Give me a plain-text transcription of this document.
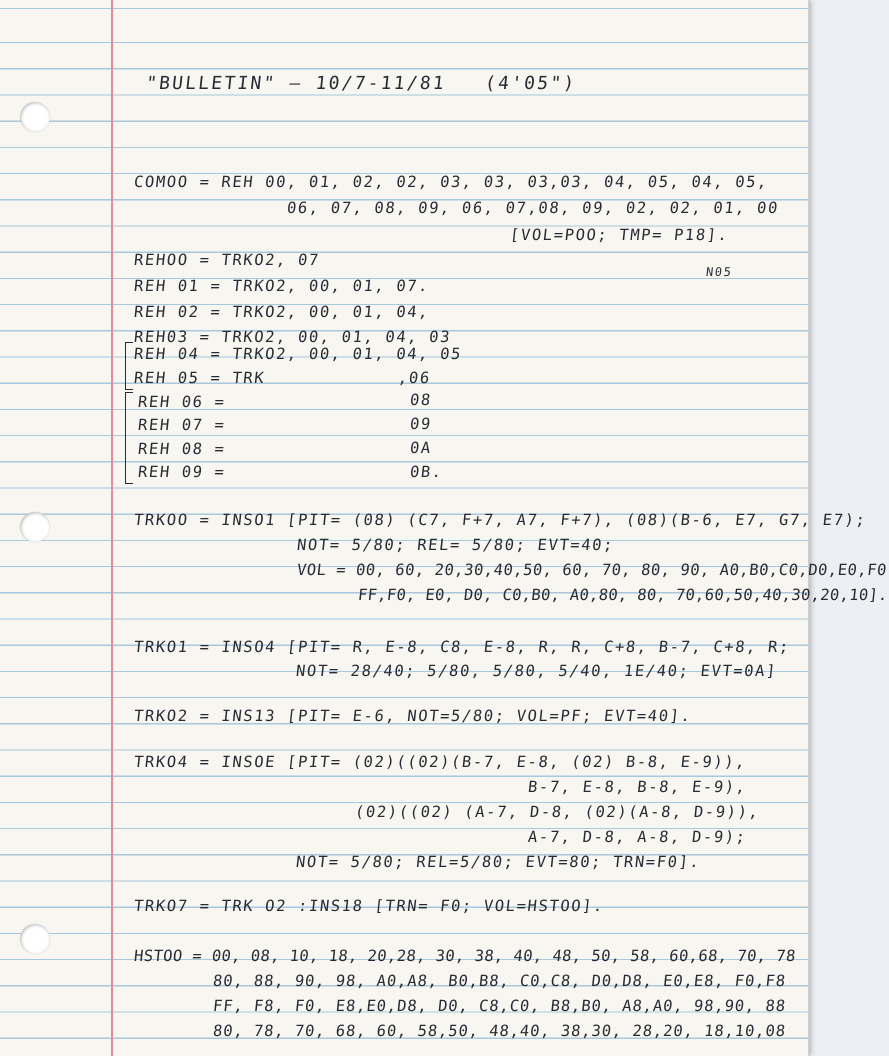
"BULLETIN" — 10/7-11/81   (4'05")
COMOO = REH 00, 01, 02, 02, 03, 03, 03,03, 04, 05, 04, 05,
06, 07, 08, 09, 06, 07,08, 09, 02, 02, 01, 00
[VOL=POO; TMP= P18].
N05
REHOO = TRKO2, 07
REH 01 = TRKO2, 00, 01, 07.
REH 02 = TRKO2, 00, 01, 04,
REH03 = TRKO2, 00, 01, 04, 03
REH 04 = TRKO2, 00, 01, 04, 05
REH 05 = TRK
REH 06 =
REH 07 =
REH 08 =
REH 09 =
,06
08
09
0A
0B.
TRKOO = INSO1 [PIT= (08) (C7, F+7, A7, F+7), (08)(B-6, E7, G7, E7);
NOT= 5/80; REL= 5/80; EVT=40;
VOL = 00, 60, 20,30,40,50, 60, 70, 80, 90, A0,B0,C0,D0,E0,F0
FF,F0, E0, D0, C0,B0, A0,80, 80, 70,60,50,40,30,20,10].
TRKO1 = INSO4 [PIT= R, E-8, C8, E-8, R, R, C+8, B-7, C+8, R;
NOT= 28/40; 5/80, 5/80, 5/40, 1E/40; EVT=0A]
TRKO2 = INS13 [PIT= E-6, NOT=5/80; VOL=PF; EVT=40].
TRKO4 = INSOE [PIT= (02)((02)(B-7, E-8, (02) B-8, E-9)),
B-7, E-8, B-8, E-9),
(02)((02) (A-7, D-8, (02)(A-8, D-9)),
A-7, D-8, A-8, D-9);
NOT= 5/80; REL=5/80; EVT=80; TRN=F0].
TRKO7 = TRK O2 :INS18 [TRN= F0; VOL=HSTOO].
HSTOO = 00, 08, 10, 18, 20,28, 30, 38, 40, 48, 50, 58, 60,68, 70, 78
80, 88, 90, 98, A0,A8, B0,B8, C0,C8, D0,D8, E0,E8, F0,F8
FF, F8, F0, E8,E0,D8, D0, C8,C0, B8,B0, A8,A0, 98,90, 88
80, 78, 70, 68, 60, 58,50, 48,40, 38,30, 28,20, 18,10,08
